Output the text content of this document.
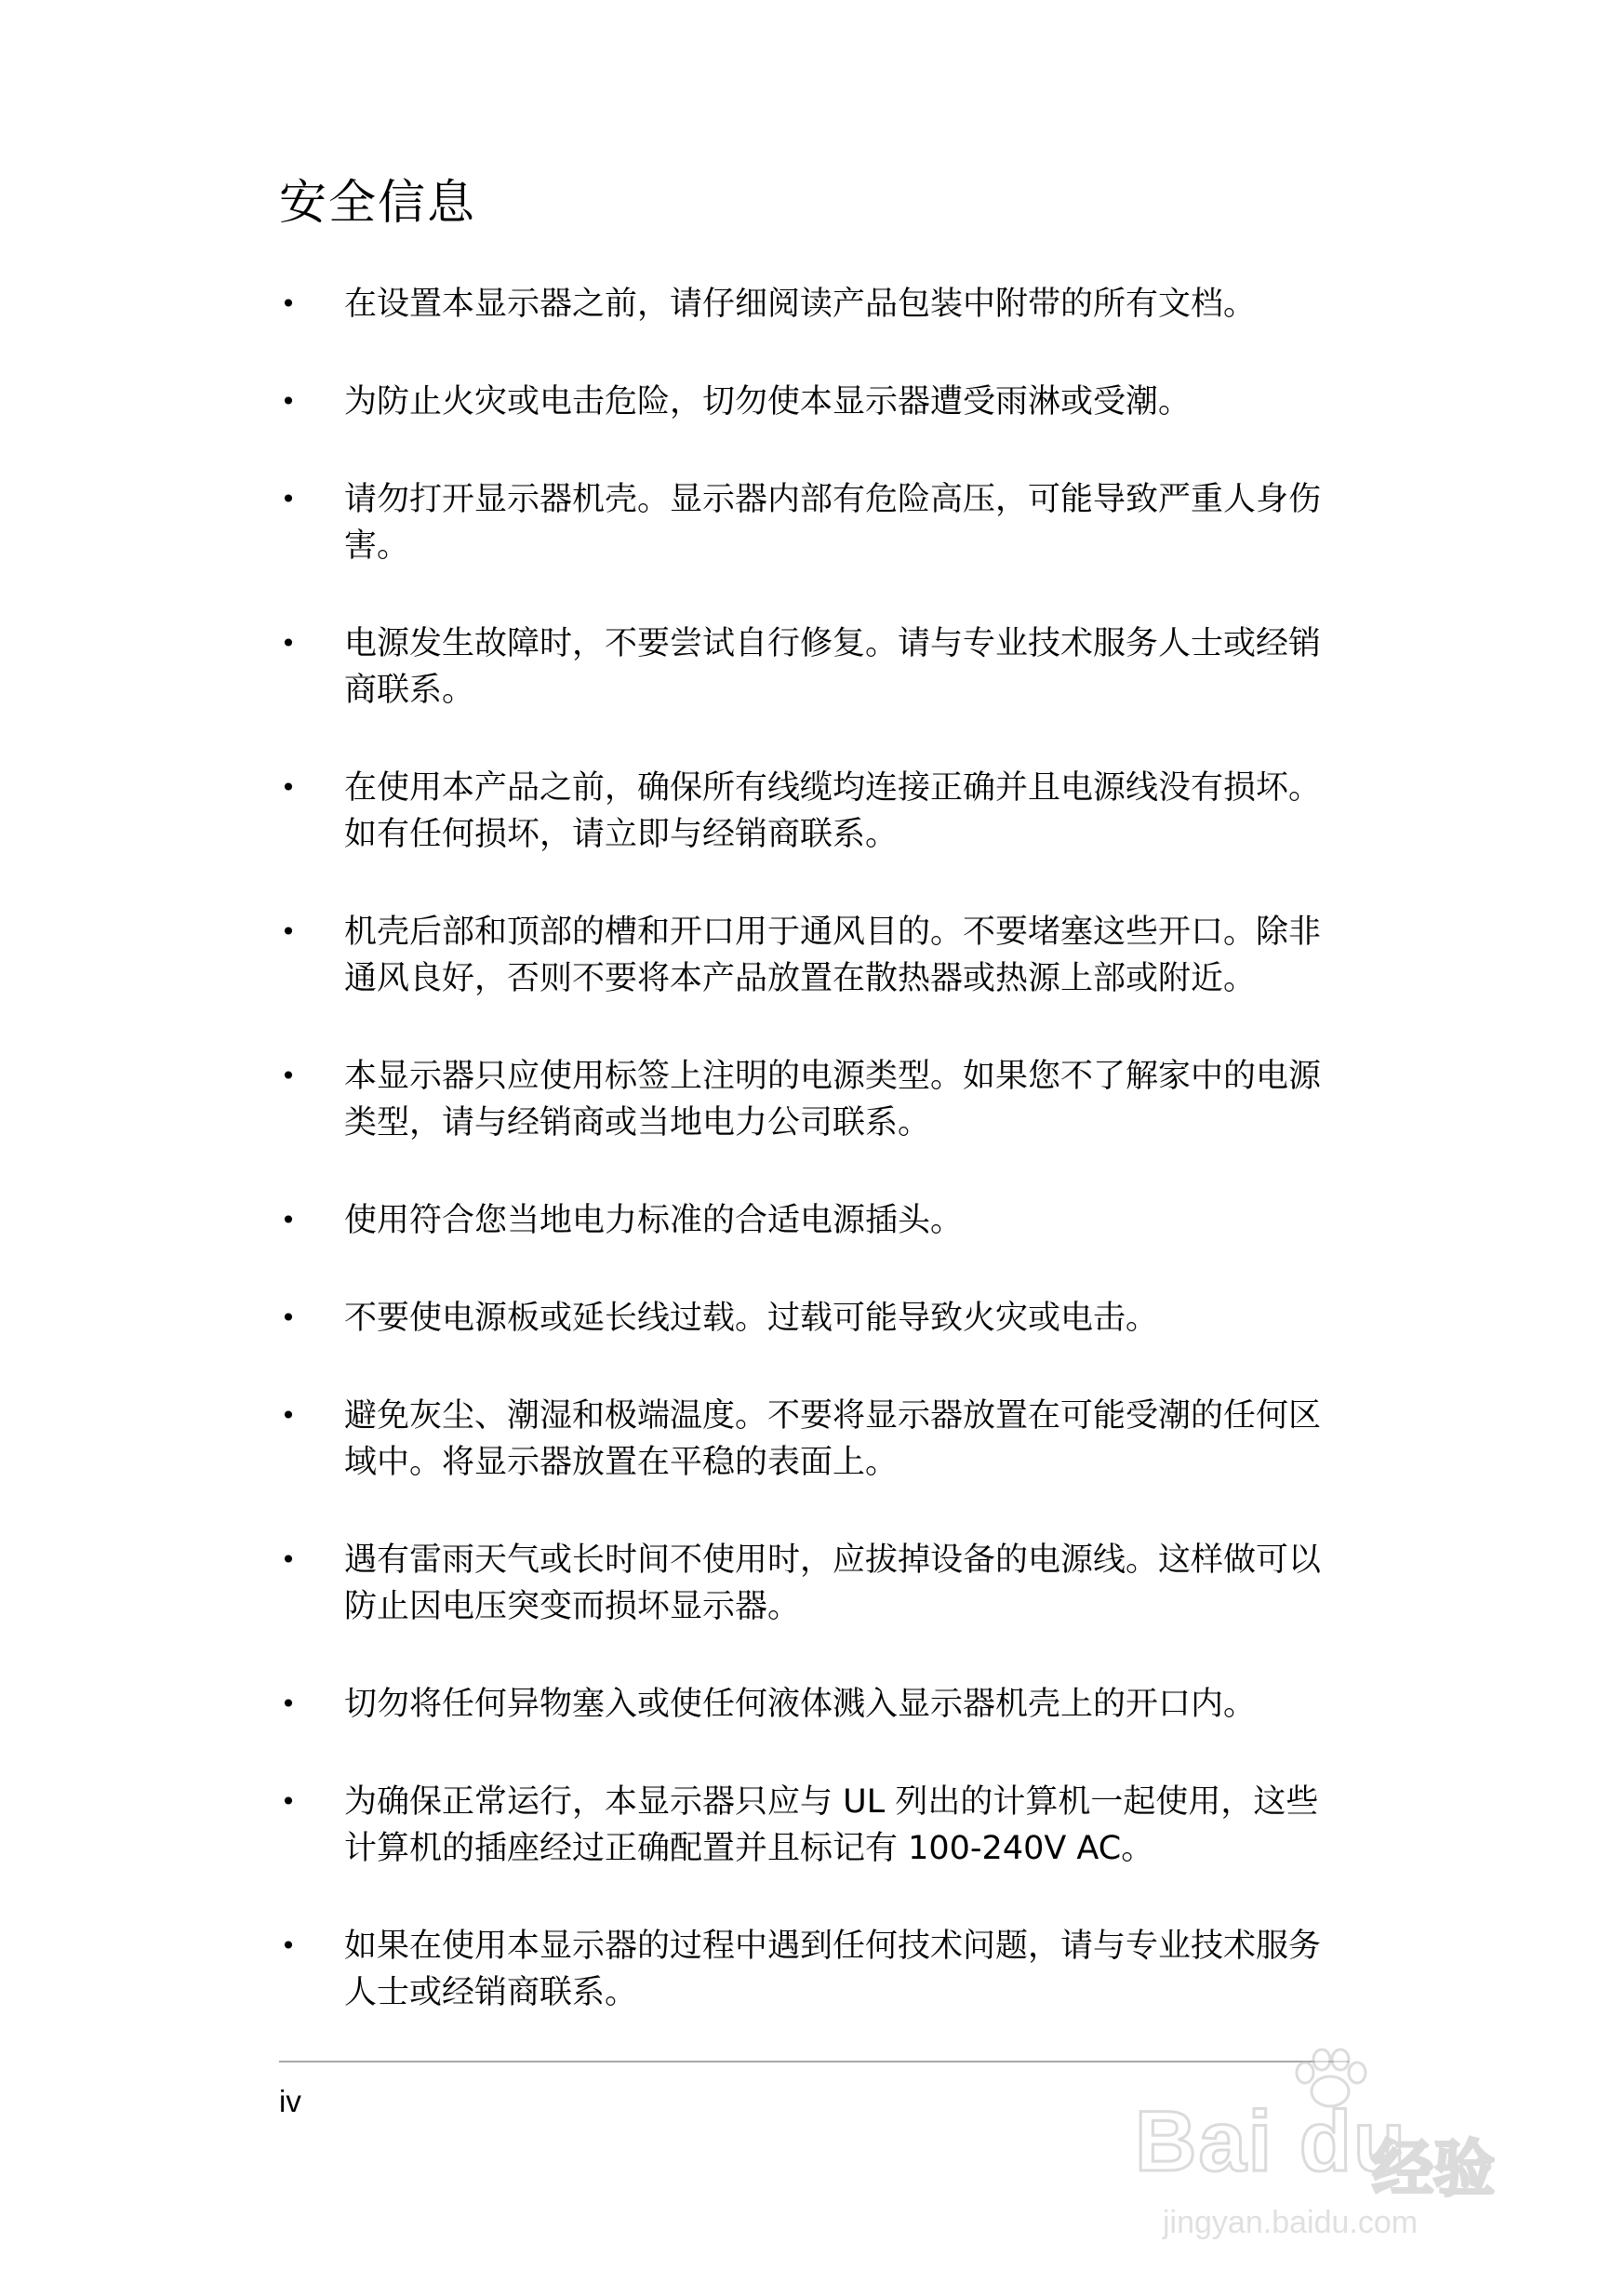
安全信息
• 在设置本显示器之前，请仔细阅读产品包装中附带的所有文档。
• 为防止火灾或电击危险，切勿使本显示器遭受雨淋或受潮。
• 请勿打开显示器机壳。显示器内部有危险高压，可能导致严重人身伤害。
• 电源发生故障时，不要尝试自行修复。请与专业技术服务人士或经销商联系。
• 在使用本产品之前，确保所有线缆均连接正确并且电源线没有损坏。如有任何损坏，请立即与经销商联系。
• 机壳后部和顶部的槽和开口用于通风目的。不要堵塞这些开口。除非通风良好，否则不要将本产品放置在散热器或热源上部或附近。
• 本显示器只应使用标签上注明的电源类型。如果您不了解家中的电源类型，请与经销商或当地电力公司联系。
• 使用符合您当地电力标准的合适电源插头。
• 不要使电源板或延长线过载。过载可能导致火灾或电击。
• 避免灰尘、潮湿和极端温度。不要将显示器放置在可能受潮的任何区域中。将显示器放置在平稳的表面上。
• 遇有雷雨天气或长时间不使用时，应拔掉设备的电源线。这样做可以防止因电压突变而损坏显示器。
• 切勿将任何异物塞入或使任何液体溅入显示器机壳上的开口内。
• 为确保正常运行，本显示器只应与 UL 列出的计算机一起使用，这些计算机的插座经过正确配置并且标记有 100-240V AC。
• 如果在使用本显示器的过程中遇到任何技术问题，请与专业技术服务人士或经销商联系。
iv	Bai du
经验
jingyan.baidu.com
